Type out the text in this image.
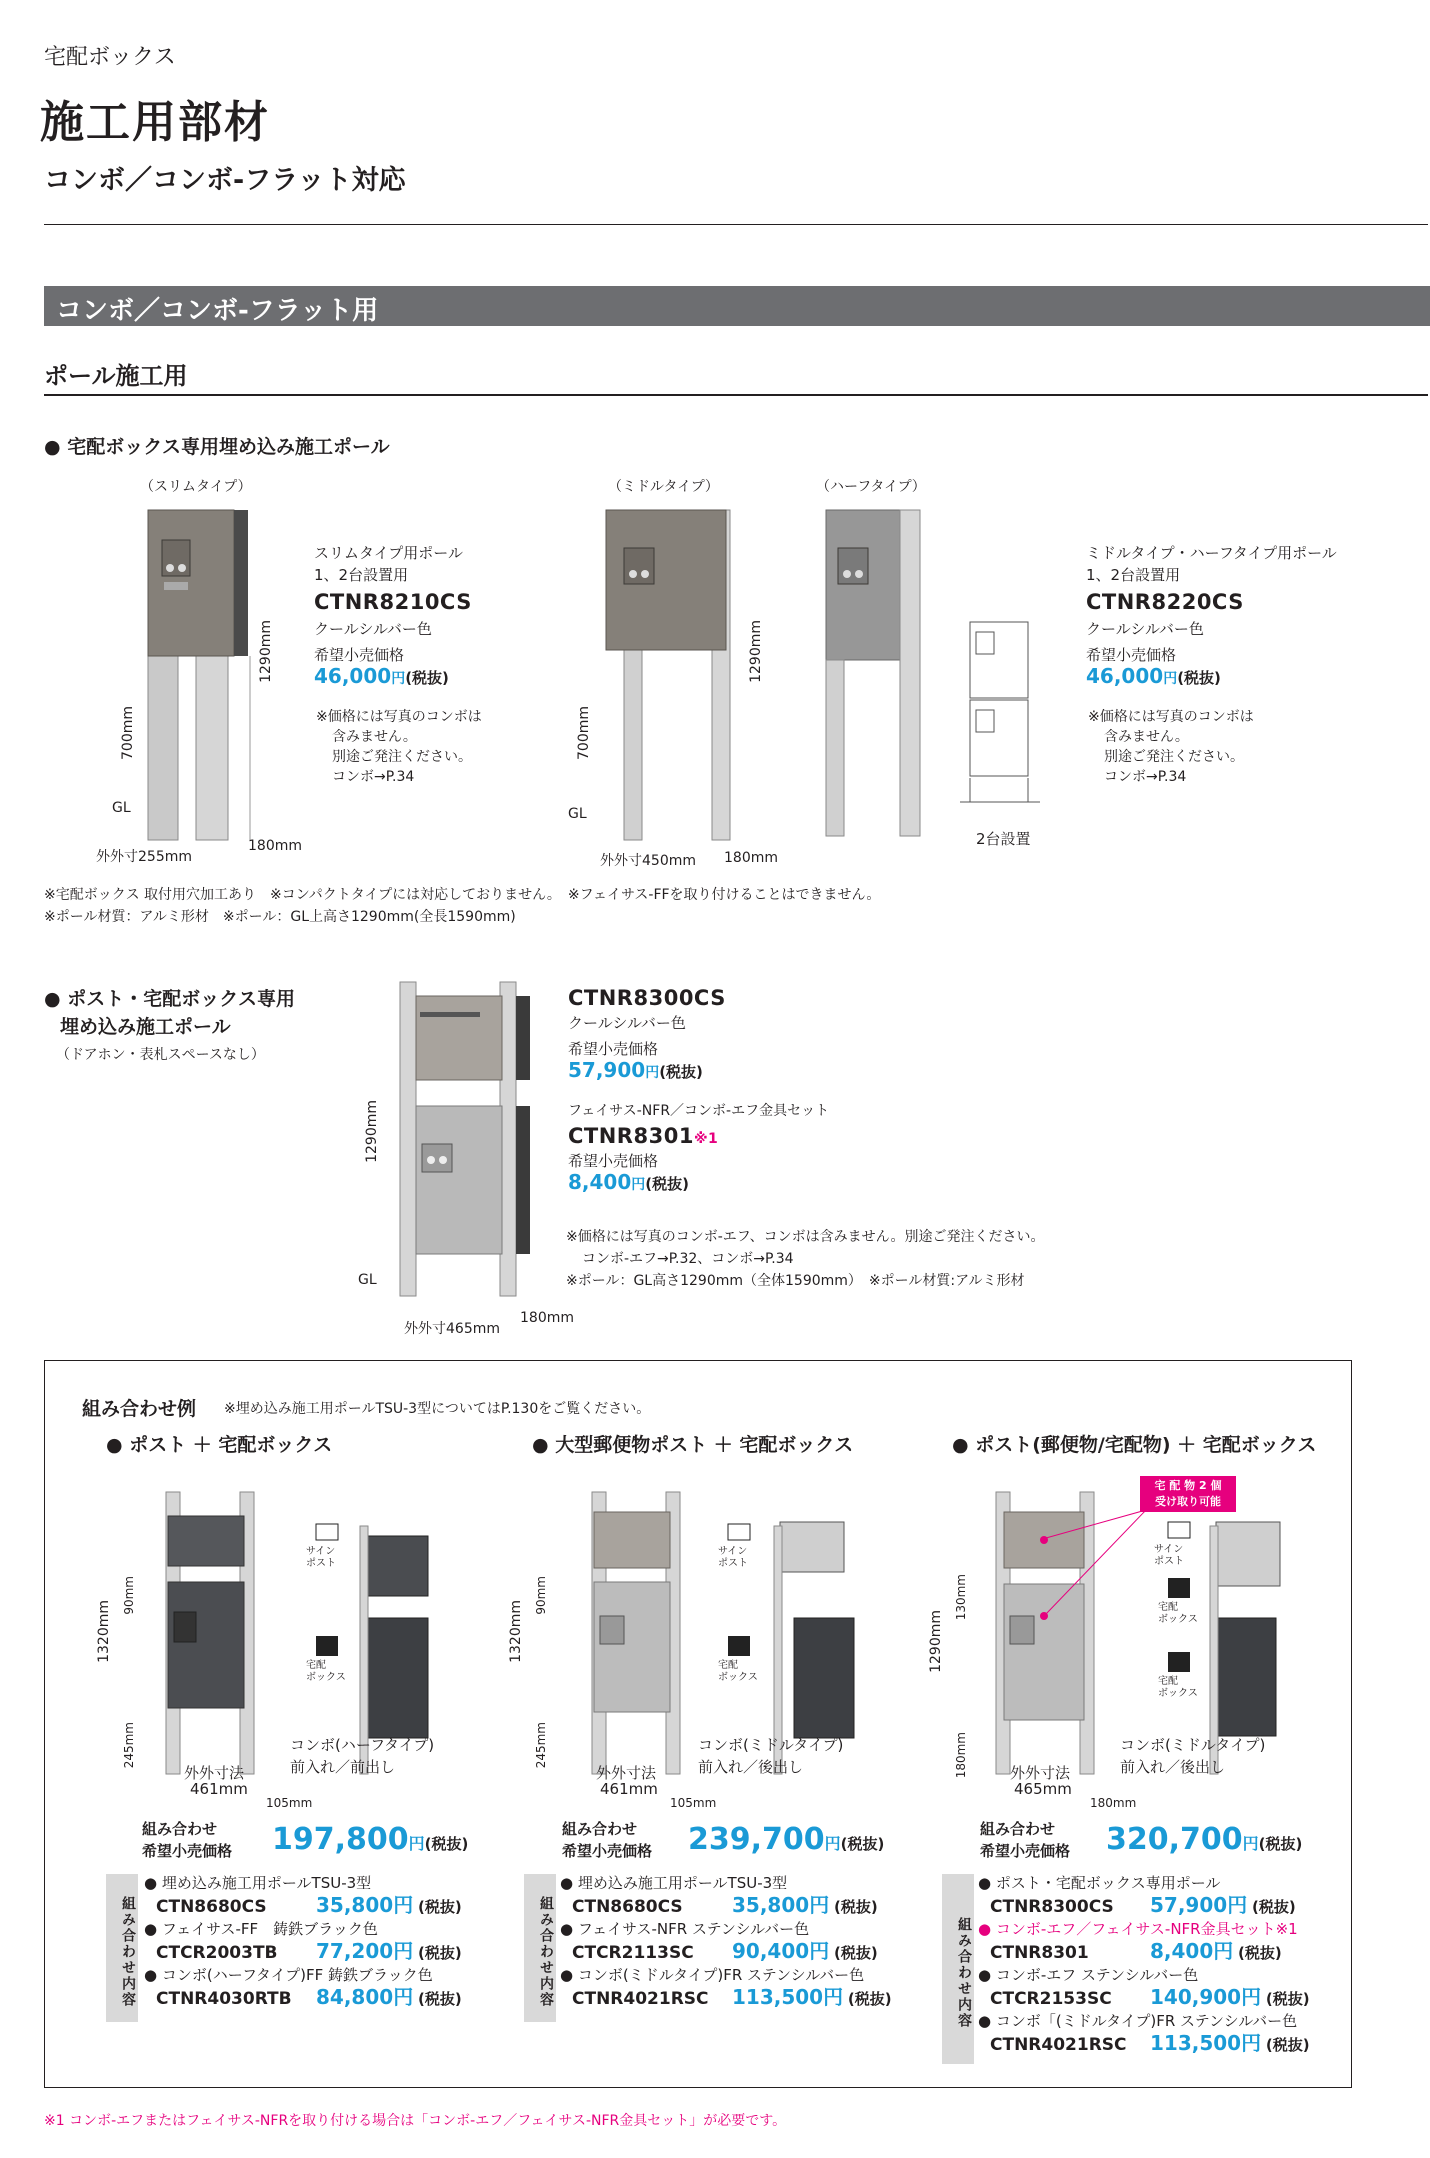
宅配ボックス
施工用部材
コンボ／コンボ-フラット対応
コンボ／コンボ-フラット用
ポール施工用
● 宅配ボックス専用埋め込み施工ポール
（スリムタイプ）	（ミドルタイプ）	（ハーフタイプ）
1290mm
700mm
GL
外外寸255mm
180mm
スリムタイプ用ポール
1、2台設置用
CTNR8210CS
クールシルバー色
希望小売価格
46,000円(税抜)
※価格には写真のコンボは
含みません。
別途ご発注ください。
コンボ→P.34
1290mm
700mm
GL
外外寸450mm 180mm
2台設置
ミドルタイプ・ハーフタイプ用ポール
1、2台設置用
CTNR8220CS
クールシルバー色
希望小売価格
46,000円(税抜)
※価格には写真のコンボは
含みません。
別途ご発注ください。
コンボ→P.34
※宅配ボックス 取付用穴加工あり　※コンパクトタイプには対応しておりません。　※フェイサス-FFを取り付けることはできません。
※ポール材質：アルミ形材　※ポール：GL上高さ1290mm(全長1590mm)
● ポスト・宅配ボックス専用
埋め込み施工ポール
（ドアホン・表札スペースなし）
1290mm
GL
外外寸465mm
180mm
CTNR8300CS
クールシルバー色
希望小売価格
57,900円(税抜)
フェイサス-NFR／コンボ-エフ金具セット
CTNR8301※1
希望小売価格
8,400円(税抜)
※価格には写真のコンボ-エフ、コンボは含みません。別途ご発注ください。
コンボ-エフ→P.32、コンボ→P.34
※ポール：GL高さ1290mm（全体1590mm）　※ポール材質:アルミ形材
組み合わせ例 ※埋め込み施工用ポールTSU-3型についてはP.130をご覧ください。
● ポスト ＋ 宅配ボックス
サイン
ポスト
宅配
ボックス
1320mm
90mm
245mm	コンボ(ハーフタイプ)
前入れ／前出し
外外寸法
461mm
105mm
組み合わせ
希望小売価格 197,800円(税抜)
組み合わせ内容
● 埋め込み施工用ポールTSU-3型
CTN8680CS 35,800円 (税抜)
● フェイサス-FF　鋳鉄ブラック色
CTCR2003TB 77,200円 (税抜)
● コンボ(ハーフタイプ)FF 鋳鉄ブラック色
CTNR4030RTB 84,800円 (税抜)
● 大型郵便物ポスト ＋ 宅配ボックス
サイン
ポスト
宅配
ボックス
1320mm
90mm
245mm	コンボ(ミドルタイプ)
前入れ／後出し
外外寸法
461mm
105mm
組み合わせ
希望小売価格 239,700円(税抜)
組み合わせ内容
● 埋め込み施工用ポールTSU-3型
CTN8680CS 35,800円 (税抜)
● フェイサス-NFR ステンシルバー色
CTCR2113SC 90,400円 (税抜)
● コンボ(ミドルタイプ)FR ステンシルバー色
CTNR4021RSC 113,500円 (税抜)
● ポスト(郵便物/宅配物) ＋ 宅配ボックス
宅 配 物 2 個
受け取り可能
サイン
ポスト
宅配
ボックス
宅配
ボックス
1290mm
130mm
180mm	コンボ(ミドルタイプ)
前入れ／後出し
外外寸法
465mm
180mm
組み合わせ
希望小売価格 320,700円(税抜)
組み合わせ内容
● ポスト・宅配ボックス専用ポール
CTNR8300CS 57,900円 (税抜)
● コンボ-エフ／フェイサス-NFR金具セット※1
CTNR8301	8,400円 (税抜)
● コンボ-エフ ステンシルバー色
CTCR2153SC 140,900円 (税抜)
● コンボ「(ミドルタイプ)FR ステンシルバー色
CTNR4021RSC 113,500円 (税抜)
※1 コンボ-エフまたはフェイサス-NFRを取り付ける場合は「コンボ-エフ／フェイサス-NFR金具セット」が必要です。
